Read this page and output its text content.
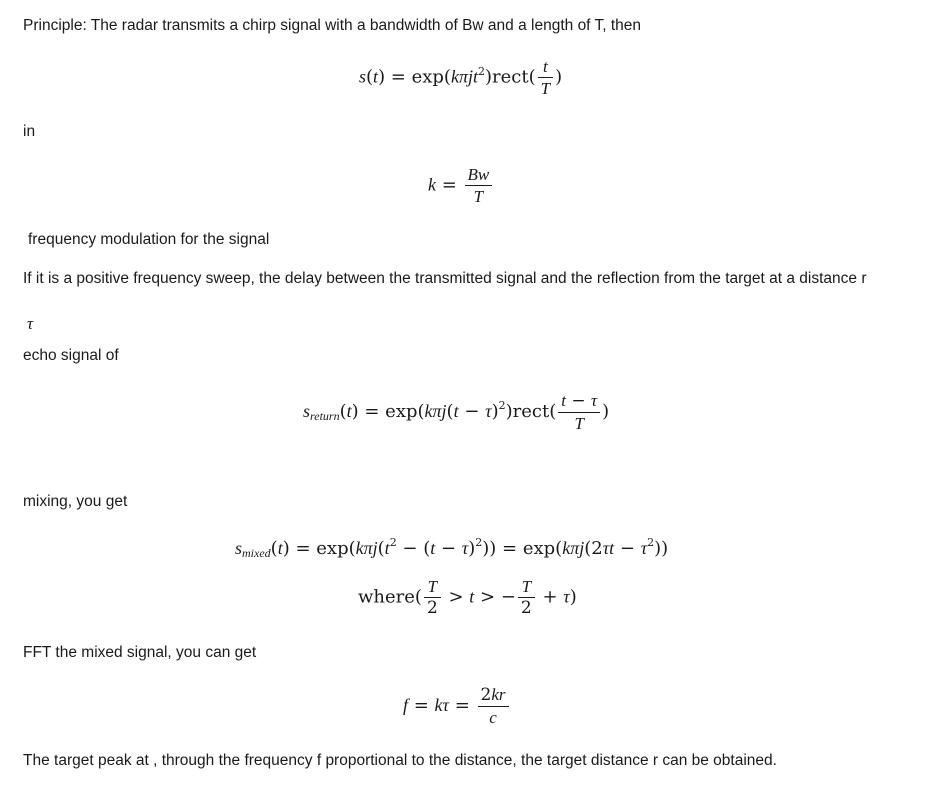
Principle: The radar transmits a chirp signal with a bandwidth of Bw and a length of T, then
s(t) = exp(kπjt$^2$)rect( $\frac{t}{T}$ )
in
$k = \frac{Bw}{T}$
frequency modulation for the signal
If it is a positive frequency sweep, the delay between the transmitted signal and the reflection from the target at a distance r
τ
echo signal of
sreturn(t) = $\exp(k\pi j(t - \tau)^2)rect( \frac{t - \tau}{T}$ )
mixing, you get
smixed(t) = $\exp(k\pi j(t^2 - (t - \tau)^2)) = \exp(k\pi j(2\tau t - \tau^2))$
where( $\frac{T}{2} > t$ > − $\frac{T}{2} + \tau$)
FFT the mixed signal, you can get
$f = k\tau = \frac{2kr}{c}$
The target peak at , through the frequency f proportional to the distance, the target distance r can be obtained.
